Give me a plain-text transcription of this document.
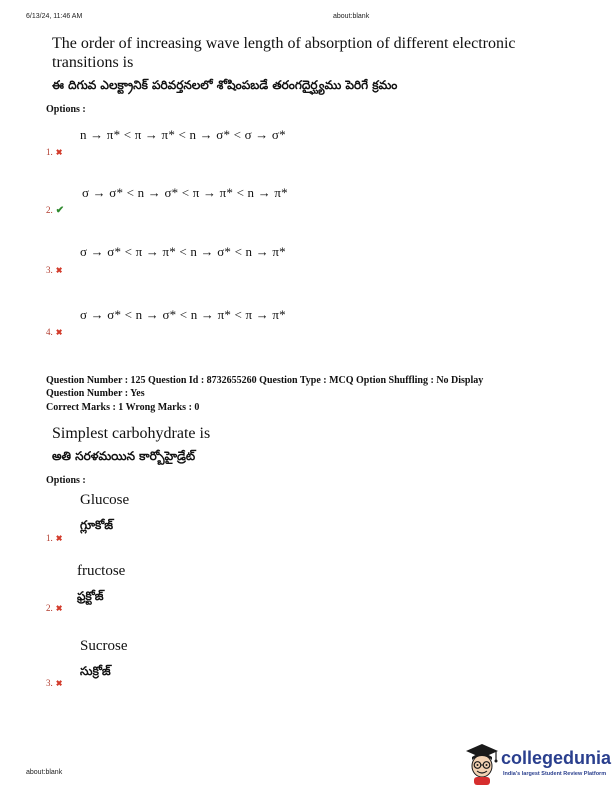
6/13/24, 11:46 AM	about:blank
The order of increasing wave length of absorption of different electronic
transitions is
ఈ దిగువ ఎలక్ట్రానిక్ పరివర్తనలలో శోషింపబడే తరంగదైర్ఘ్యము పెరిగే క్రమం
Options :
n → π* < π → π* < n → σ* < σ → σ*
1. ✖
σ → σ* < n → σ* < π → π* < n → π*
2. ✔
σ → σ* < π → π* < n → σ* < n → π*
3. ✖
σ → σ* < n → σ* < n → π* < π → π*
4. ✖
Question Number : 125 Question Id : 8732655260 Question Type : MCQ Option Shuffling : No Display
Question Number : Yes
Correct Marks : 1 Wrong Marks : 0
Simplest carbohydrate is
అతి సరళమయిన కార్బోహైడ్రేట్
Options :
Glucose
గ్లూకోజ్
1. ✖
fructose
ఫ్రక్టోజ్
2. ✖
Sucrose
సుక్రోజ్
3. ✖
about:blank
collegedunia
India's largest Student Review Platform
